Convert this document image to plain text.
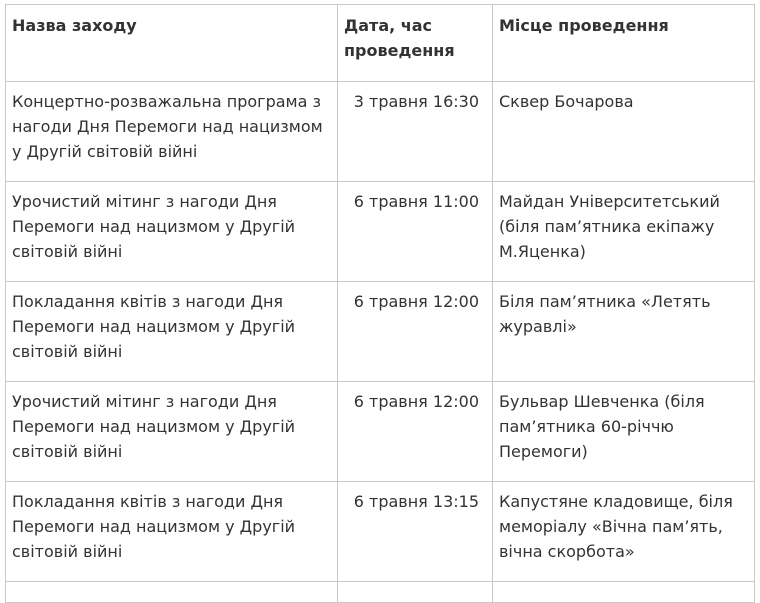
Назва заходу	Дата, час проведення	Місце проведення
Концертно-розважальна програма з нагоди Дня Перемоги над нацизмом у Другій світовій війні	3 травня 16:30	Сквер Бочарова
Урочистий мітинг з нагоди Дня Перемоги над нацизмом у Другій світовій війні	6 травня 11:00	Майдан Університетський (біля пам’ятника екіпажу М.Яценка)
Покладання квітів з нагоди Дня Перемоги над нацизмом у Другій світовій війні	6 травня 12:00	Біля пам’ятника «Летять журавлі»
Урочистий мітинг з нагоди Дня Перемоги над нацизмом у Другій світовій війні	6 травня 12:00	Бульвар Шевченка (біля пам’ятника 60-річчю Перемоги)
Покладання квітів з нагоди Дня Перемоги над нацизмом у Другій світовій війні	6 травня 13:15	Капустяне кладовище, біля меморіалу «Вічна пам’ять, вічна скорбота»
